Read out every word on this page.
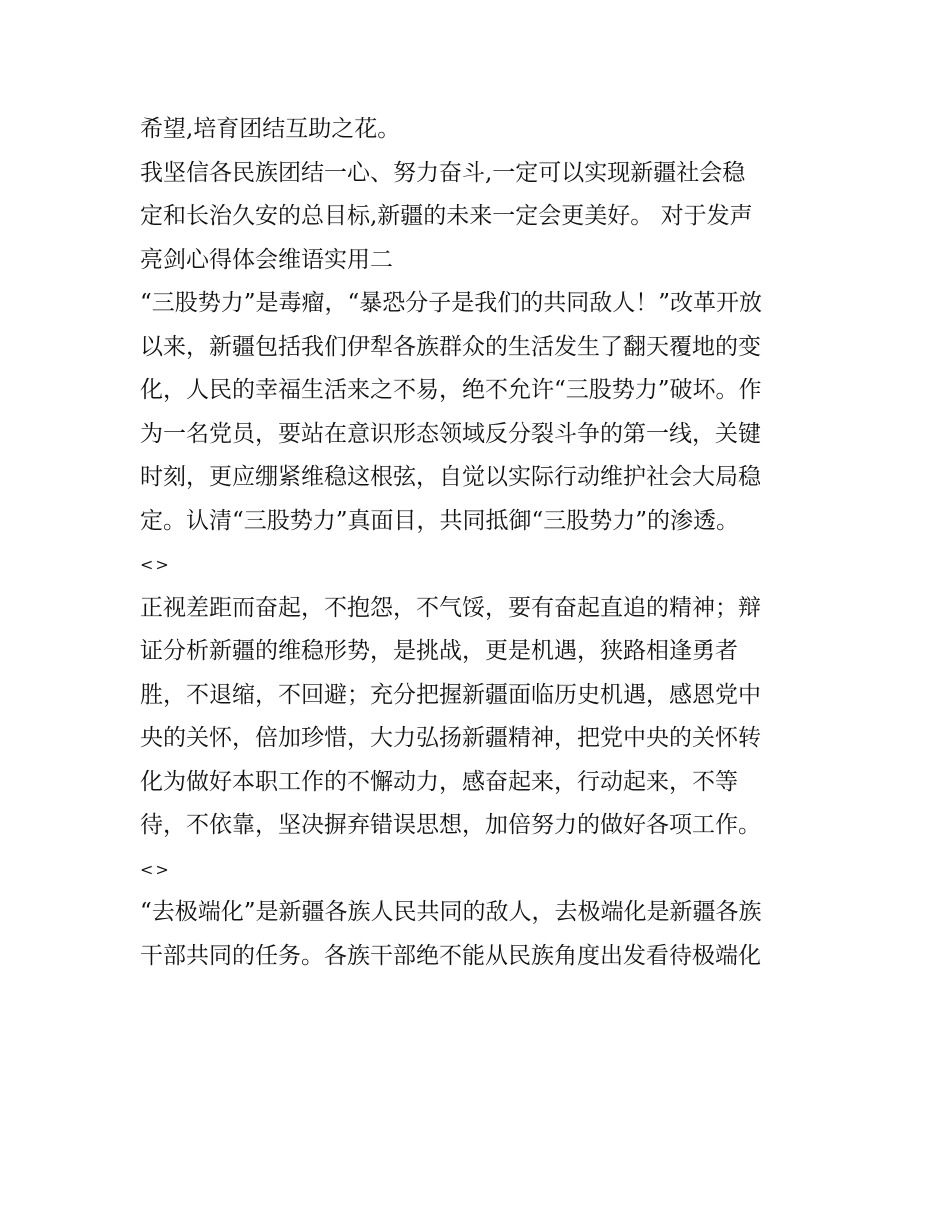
希望,培育团结互助之花。
我坚信各民族团结一心、努力奋斗,一定可以实现新疆社会稳
定和长治久安的总目标,新疆的未来一定会更美好。 对于发声
亮剑心得体会维语实用二
“三股势力”是毒瘤，“暴恐分子是我们的共同敌人！”改革开放
以来，新疆包括我们伊犁各族群众的生活发生了翻天覆地的变
化，人民的幸福生活来之不易，绝不允许“三股势力”破坏。作
为一名党员，要站在意识形态领域反分裂斗争的第一线，关键
时刻，更应绷紧维稳这根弦，自觉以实际行动维护社会大局稳
定。认清“三股势力”真面目，共同抵御“三股势力”的渗透。
<>
正视差距而奋起，不抱怨，不气馁，要有奋起直追的精神；辩
证分析新疆的维稳形势，是挑战，更是机遇，狭路相逢勇者
胜，不退缩，不回避；充分把握新疆面临历史机遇，感恩党中
央的关怀，倍加珍惜，大力弘扬新疆精神，把党中央的关怀转
化为做好本职工作的不懈动力，感奋起来，行动起来，不等
待，不依靠，坚决摒弃错误思想，加倍努力的做好各项工作。
<>
“去极端化”是新疆各族人民共同的敌人，去极端化是新疆各族
干部共同的任务。各族干部绝不能从民族角度出发看待极端化
